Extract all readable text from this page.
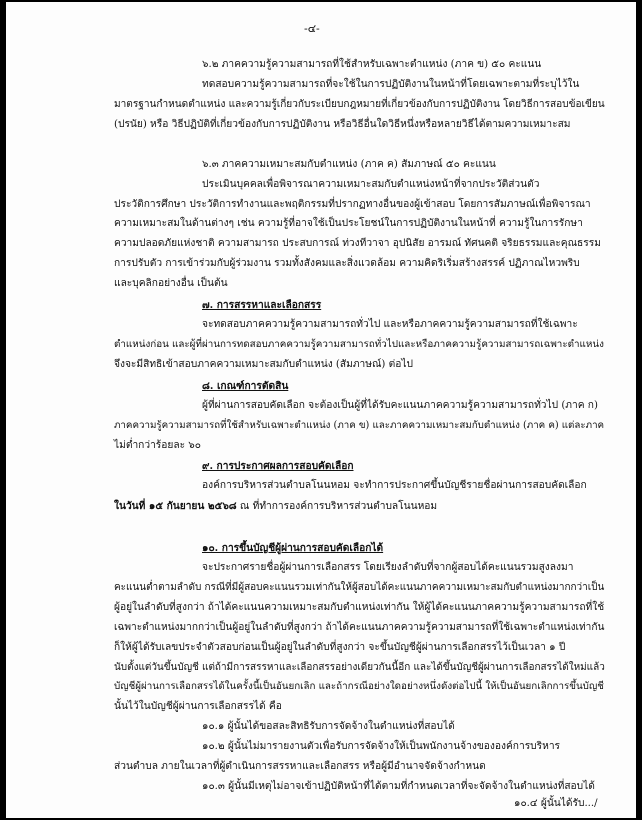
-๔-
๖.๒ ภาคความรู้ความสามารถที่ใช้สำหรับเฉพาะตำแหน่ง (ภาค ข) ๕๐ คะแนน
ทดสอบความรู้ความสามารถที่จะใช้ในการปฏิบัติงานในหน้าที่โดยเฉพาะตามที่ระบุไว้ใน
มาตรฐานกำหนดตำแหน่ง และความรู้เกี่ยวกับระเบียบกฎหมายที่เกี่ยวข้องกับการปฏิบัติงาน โดยวิธีการสอบข้อเขียน
(ปรนัย) หรือ วิธีปฏิบัติที่เกี่ยวข้องกับการปฏิบัติงาน หรือวิธีอื่นใดวิธีหนึ่งหรือหลายวิธีได้ตามความเหมาะสม
๖.๓ ภาคความเหมาะสมกับตำแหน่ง (ภาค ค) สัมภาษณ์ ๕๐ คะแนน
ประเมินบุคคลเพื่อพิจารณาความเหมาะสมกับตำแหน่งหน้าที่จากประวัติส่วนตัว
ประวัติการศึกษา ประวัติการทำงานและพฤติกรรมที่ปรากฏทางอื่นของผู้เข้าสอบ โดยการสัมภาษณ์เพื่อพิจารณา
ความเหมาะสมในด้านต่างๆ เช่น ความรู้ที่อาจใช้เป็นประโยชน์ในการปฏิบัติงานในหน้าที่ ความรู้ในการรักษา
ความปลอดภัยแห่งชาติ ความสามารถ ประสบการณ์ ท่วงทีวาจา อุปนิสัย อารมณ์ ทัศนคติ จริยธรรมและคุณธรรม
การปรับตัว การเข้าร่วมกับผู้ร่วมงาน รวมทั้งสังคมและสิ่งแวดล้อม ความคิดริเริ่มสร้างสรรค์ ปฏิภาณไหวพริบ
และบุคลิกอย่างอื่น เป็นต้น
๗. การสรรหาและเลือกสรร
จะทดสอบภาคความรู้ความสามารถทั่วไป และหรือภาคความรู้ความสามารถที่ใช้เฉพาะ
ตำแหน่งก่อน และผู้ที่ผ่านการทดสอบภาคความรู้ความสามารถทั่วไปและหรือภาคความรู้ความสามารถเฉพาะตำแหน่ง
จึงจะมีสิทธิเข้าสอบภาคความเหมาะสมกับตำแหน่ง (สัมภาษณ์) ต่อไป
๘. เกณฑ์การตัดสิน
ผู้ที่ผ่านการสอบคัดเลือก จะต้องเป็นผู้ที่ได้รับคะแนนภาคความรู้ความสามารถทั่วไป (ภาค ก)
ภาคความรู้ความสามารถที่ใช้สำหรับเฉพาะตำแหน่ง (ภาค ข) และภาคความเหมาะสมกับตำแหน่ง (ภาค ค) แต่ละภาค
ไม่ต่ำกว่าร้อยละ ๖๐
๙. การประกาศผลการสอบคัดเลือก
องค์การบริหารส่วนตำบลโนนหอม จะทำการประกาศขึ้นบัญชีรายชื่อผ่านการสอบคัดเลือก
ในวันที่ ๑๕ กันยายน ๒๕๖๘ ณ ที่ทำการองค์การบริหารส่วนตำบลโนนหอม
๑๐. การขึ้นบัญชีผู้ผ่านการสอบคัดเลือกได้
จะประกาศรายชื่อผู้ผ่านการเลือกสรร โดยเรียงลำดับที่จากผู้สอบได้คะแนนรวมสูงลงมา
คะแนนต่ำตามลำดับ กรณีที่มีผู้สอบคะแนนรวมเท่ากันให้ผู้สอบได้คะแนนภาคความเหมาะสมกับตำแหน่งมากกว่าเป็น
ผู้อยู่ในลำดับที่สูงกว่า ถ้าได้คะแนนความเหมาะสมกับตำแหน่งเท่ากัน ให้ผู้ได้คะแนนภาคความรู้ความสามารถที่ใช้
เฉพาะตำแหน่งมากกว่าเป็นผู้อยู่ในลำดับที่สูงกว่า ถ้าได้คะแนนภาคความรู้ความสามารถที่ใช้เฉพาะตำแหน่งเท่ากัน
ก็ให้ผู้ได้รับเลขประจำตัวสอบก่อนเป็นผู้อยู่ในลำดับที่สูงกว่า จะขึ้นบัญชีผู้ผ่านการเลือกสรรไว้เป็นเวลา ๑ ปี
นับตั้งแต่วันขึ้นบัญชี แต่ถ้ามีการสรรหาและเลือกสรรอย่างเดียวกันนี้อีก และได้ขึ้นบัญชีผู้ผ่านการเลือกสรรได้ใหม่แล้ว
บัญชีผู้ผ่านการเลือกสรรได้ในครั้งนี้เป็นอันยกเลิก และถ้ากรณีอย่างใดอย่างหนึ่งดังต่อไปนี้ ให้เป็นอันยกเลิกการขึ้นบัญชี
นั้นไว้ในบัญชีผู้ผ่านการเลือกสรรได้ คือ
๑๐.๑ ผู้นั้นได้ขอสละสิทธิรับการจัดจ้างในตำแหน่งที่สอบได้
๑๐.๒ ผู้นั้นไม่มารายงานตัวเพื่อรับการจัดจ้างให้เป็นพนักงานจ้างขององค์การบริหาร
ส่วนตำบล ภายในเวลาที่ผู้ดำเนินการสรรหาและเลือกสรร หรือผู้มีอำนาจจัดจ้างกำหนด
๑๐.๓ ผู้นั้นมีเหตุไม่อาจเข้าปฏิบัติหน้าที่ได้ตามที่กำหนดเวลาที่จะจัดจ้างในตำแหน่งที่สอบได้
๑๐.๔ ผู้นั้นได้รับ.../
